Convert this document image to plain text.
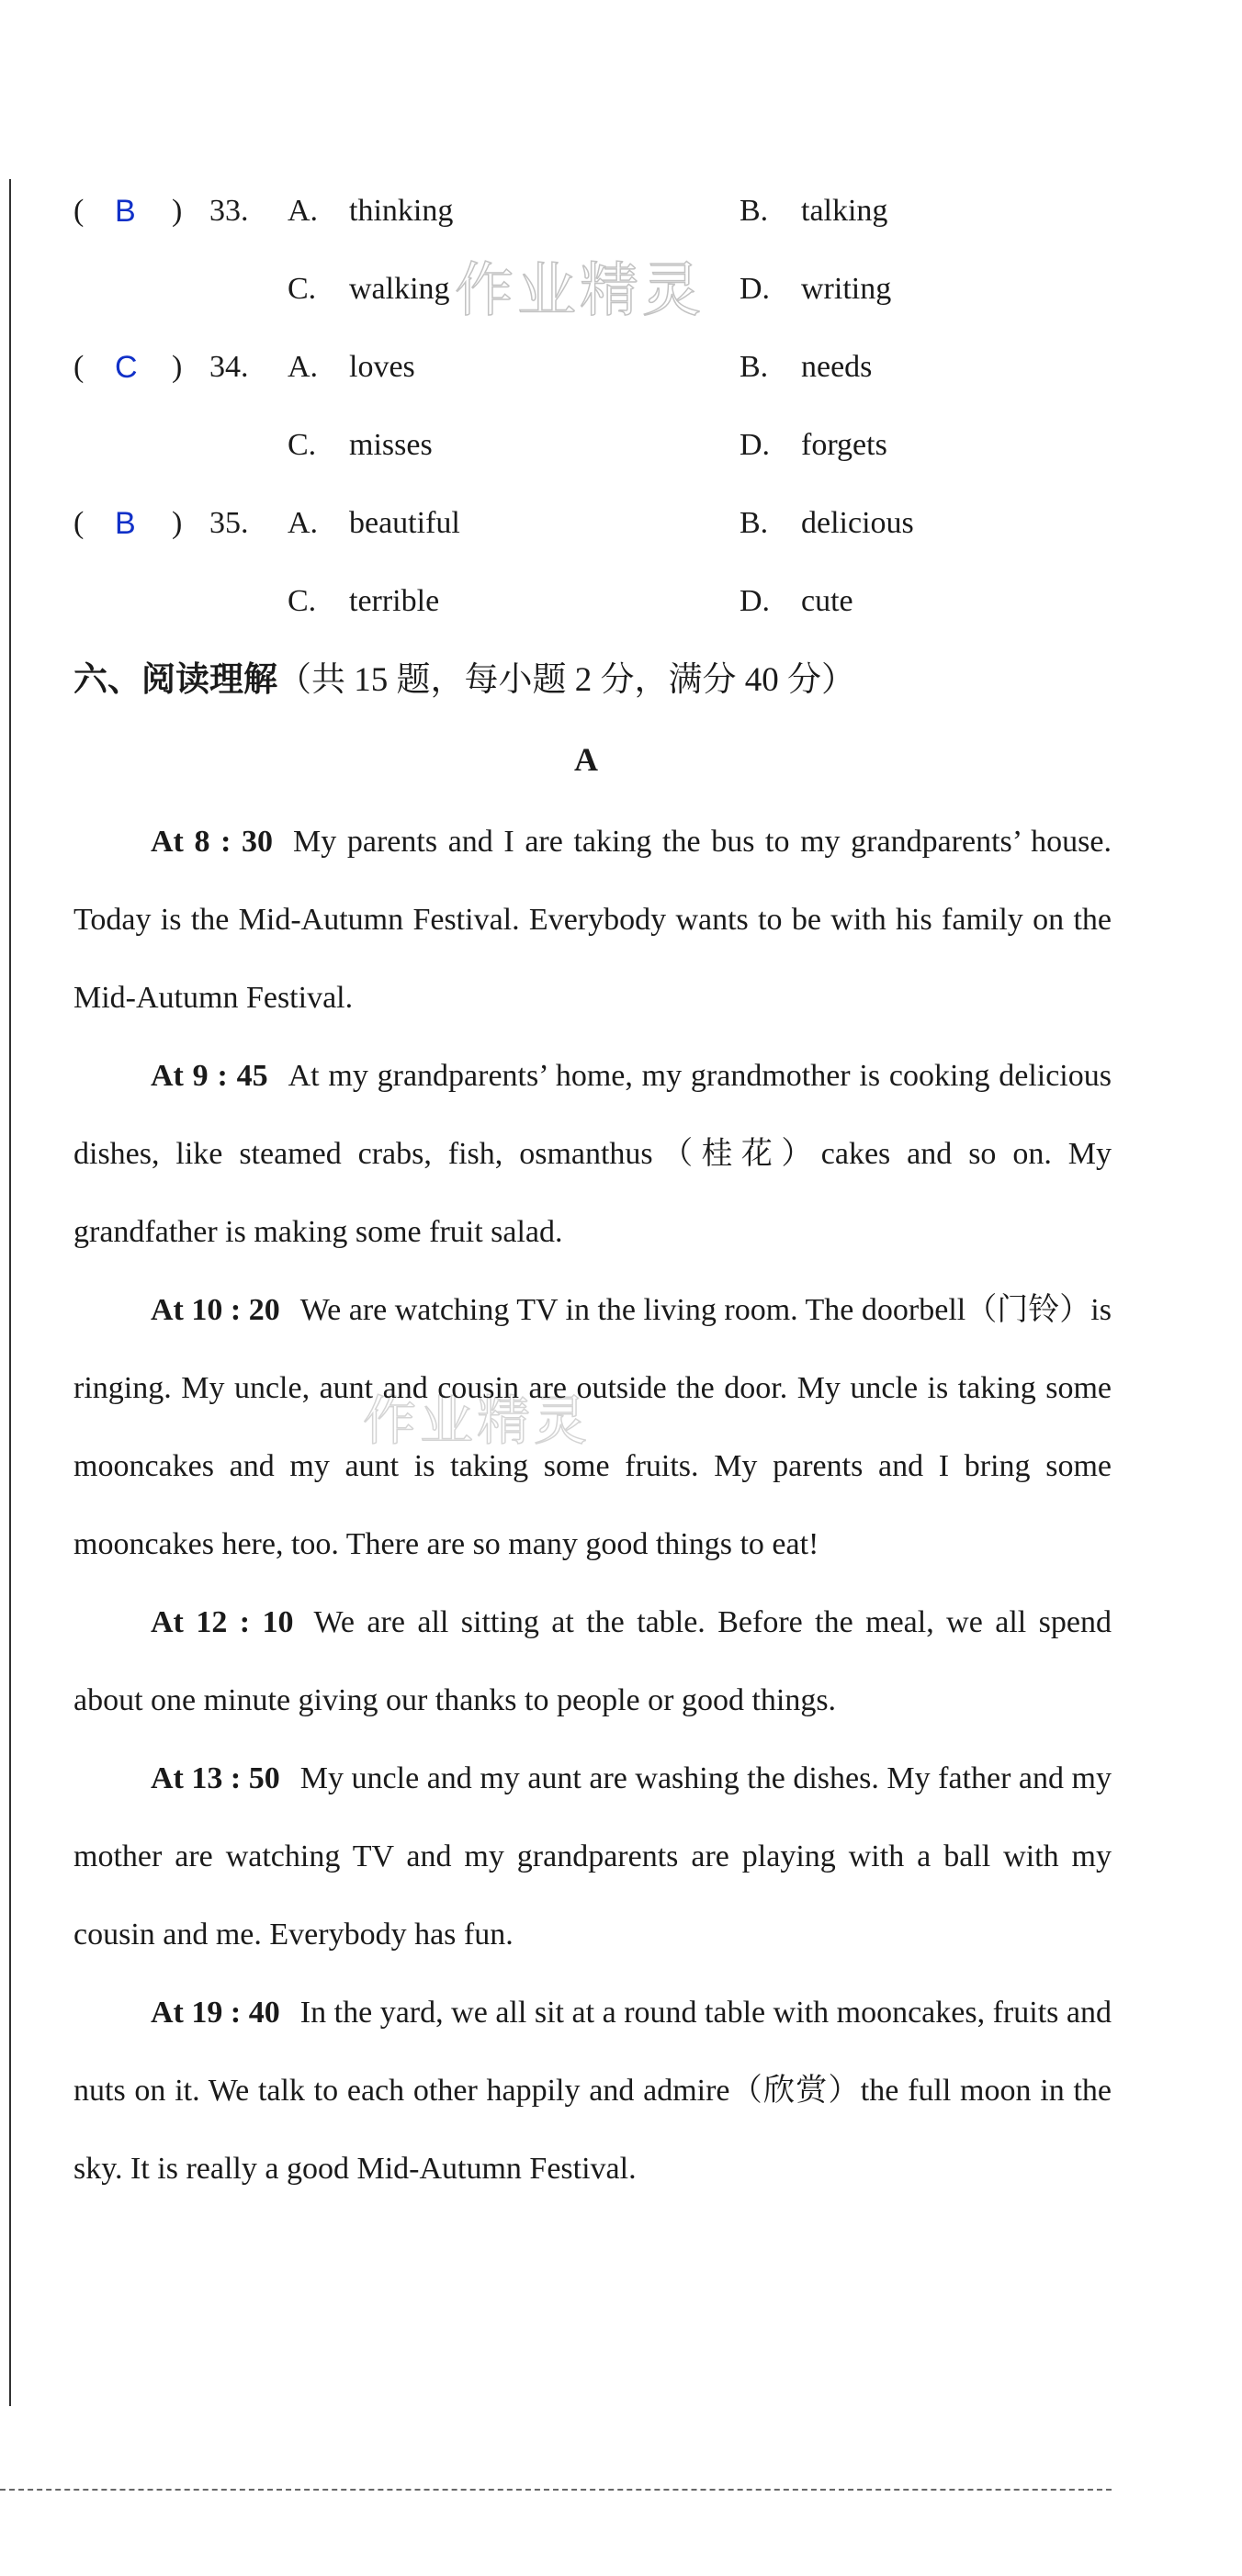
作业精灵
作业精灵
( B ) 33. A. thinking	B. talking
C. walking	D. writing
( C ) 34. A. loves	B. needs
C. misses	D. forgets
( B ) 35. A. beautiful	B. delicious
C. terrible	D. cute
六、阅读理解（共 15 题，每小题 2 分，满分 40 分）
A

At 8 : 30 My parents and I are taking the bus to my grandparents’ house. Today is the Mid-Autumn Festival. Everybody wants to be with his family on the Mid-Autumn Festival.

At 9 : 45 At my grandparents’ home, my grandmother is cooking delicious dishes, like steamed crabs, fish, osmanthus（桂花）cakes and so on. My grandfather is making some fruit salad.

At 10 : 20 We are watching TV in the living room. The doorbell（门铃）is ringing. My uncle, aunt and cousin are outside the door. My uncle is taking some mooncakes and my aunt is taking some fruits. My parents and I bring some mooncakes here, too. There are so many good things to eat!

At 12 : 10 We are all sitting at the table. Before the meal, we all spend about one minute giving our thanks to people or good things.

At 13 : 50 My uncle and my aunt are washing the dishes. My father and my mother are watching TV and my grandparents are playing with a ball with my cousin and me. Everybody has fun.

At 19 : 40 In the yard, we all sit at a round table with mooncakes, fruits and nuts on it. We talk to each other happily and admire（欣赏）the full moon in the sky. It is really a good Mid-Autumn Festival.
